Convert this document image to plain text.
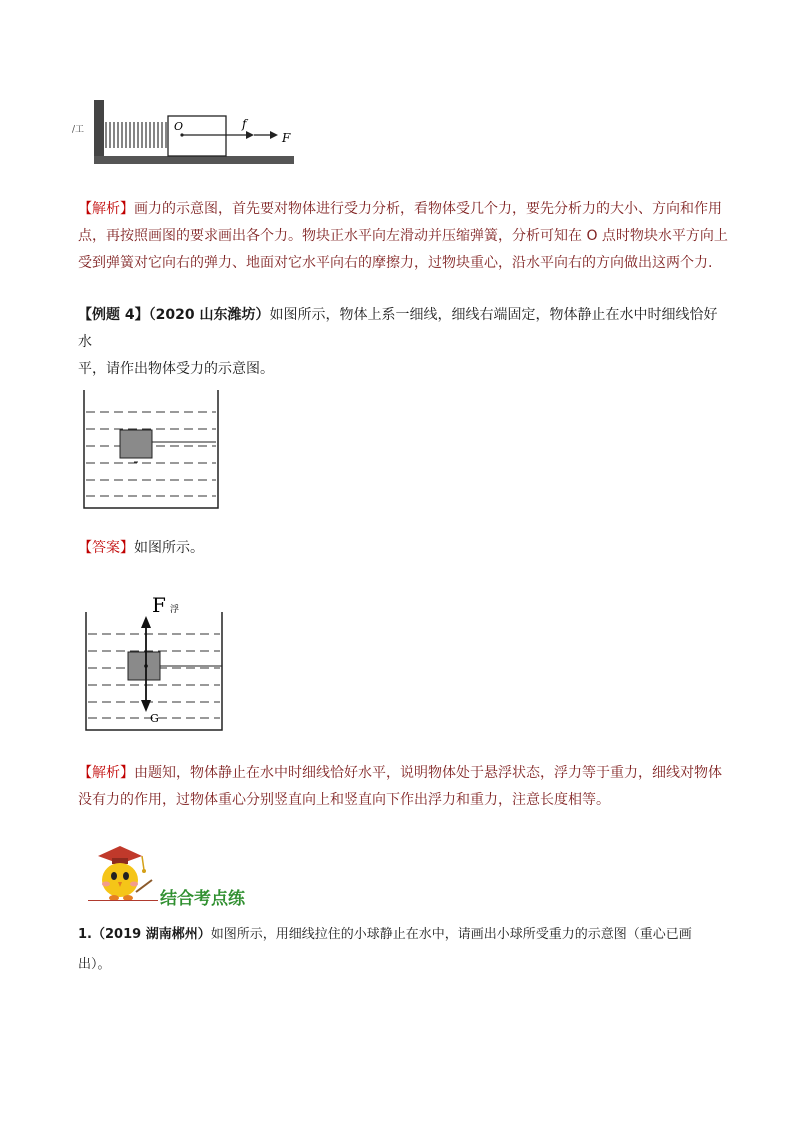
/工	O	f
F
【解析】画力的示意图，首先要对物体进行受力分析，看物体受几个力，要先分析力的大小、方向和作用
点，再按照画图的要求画出各个力。物块正水平向左滑动并压缩弹簧，分析可知在 O 点时物块水平方向上
受到弹簧对它向右的弹力、地面对它水平向右的摩擦力，过物块重心，沿水平向右的方向做出这两个力.
【例题 4】（2020 山东潍坊）如图所示，物体上系一细线，细线右端固定，物体静止在水中时细线恰好水
平，请作出物体受力的示意图。
【答案】如图所示。
F 浮
G
【解析】由题知，物体静止在水中时细线恰好水平，说明物体处于悬浮状态，浮力等于重力，细线对物体
没有力的作用，过物体重心分别竖直向上和竖直向下作出浮力和重力，注意长度相等。
结合考点练
1.（2019 湖南郴州）如图所示，用细线拉住的小球静止在水中，请画出小球所受重力的示意图（重心已画
出）。
